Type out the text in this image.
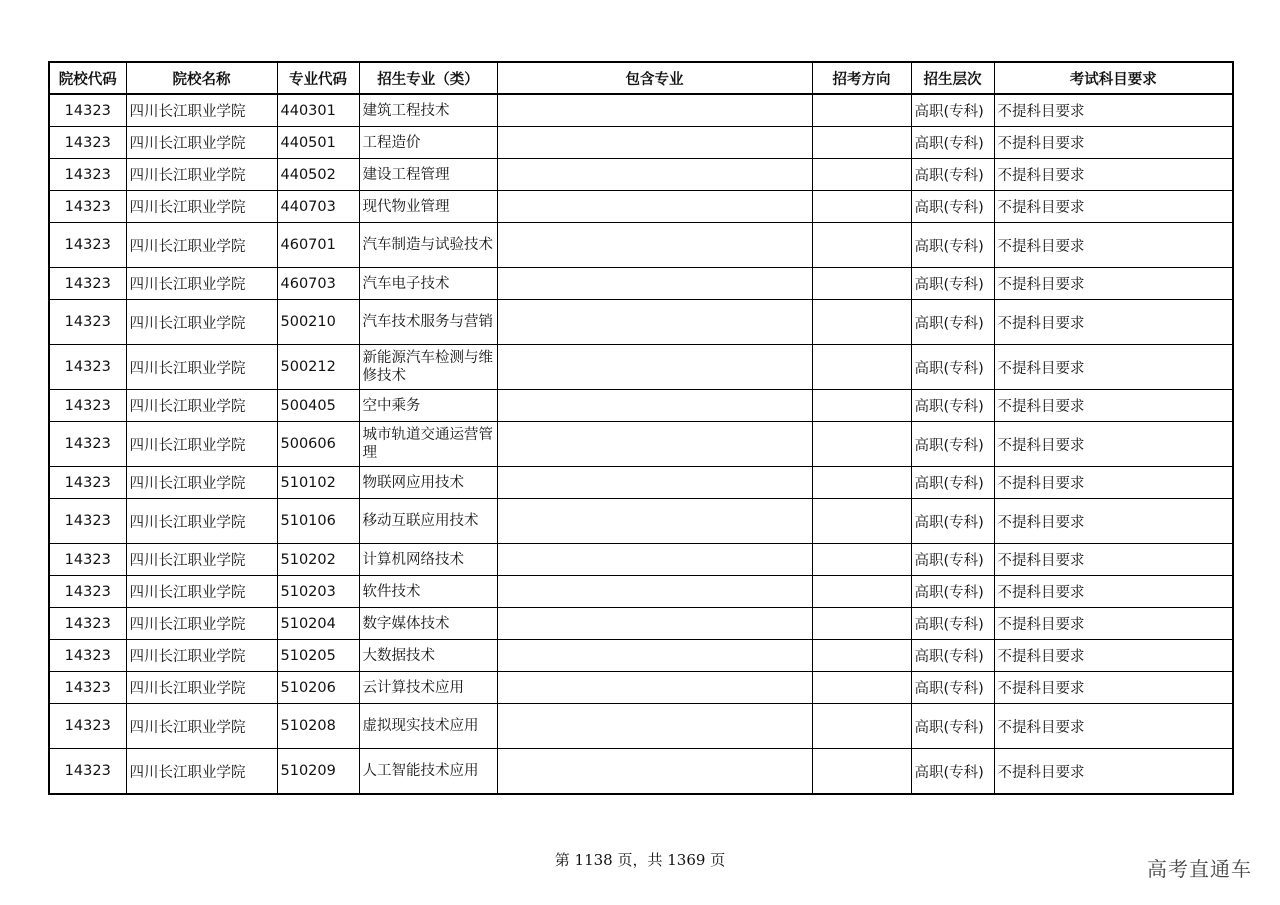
院校代码	院校名称	专业代码	招生专业（类）	包含专业	招考方向	招生层次	考试科目要求
14323	四川长江职业学院	440301	建筑工程技术			高职(专科)	不提科目要求
14323	四川长江职业学院	440501	工程造价			高职(专科)	不提科目要求
14323	四川长江职业学院	440502	建设工程管理			高职(专科)	不提科目要求
14323	四川长江职业学院	440703	现代物业管理			高职(专科)	不提科目要求
14323	四川长江职业学院	460701	汽车制造与试验技术			高职(专科)	不提科目要求
14323	四川长江职业学院	460703	汽车电子技术			高职(专科)	不提科目要求
14323	四川长江职业学院	500210	汽车技术服务与营销			高职(专科)	不提科目要求
14323	四川长江职业学院	500212	新能源汽车检测与维修技术			高职(专科)	不提科目要求
14323	四川长江职业学院	500405	空中乘务			高职(专科)	不提科目要求
14323	四川长江职业学院	500606	城市轨道交通运营管理			高职(专科)	不提科目要求
14323	四川长江职业学院	510102	物联网应用技术			高职(专科)	不提科目要求
14323	四川长江职业学院	510106	移动互联应用技术			高职(专科)	不提科目要求
14323	四川长江职业学院	510202	计算机网络技术			高职(专科)	不提科目要求
14323	四川长江职业学院	510203	软件技术			高职(专科)	不提科目要求
14323	四川长江职业学院	510204	数字媒体技术			高职(专科)	不提科目要求
14323	四川长江职业学院	510205	大数据技术			高职(专科)	不提科目要求
14323	四川长江职业学院	510206	云计算技术应用			高职(专科)	不提科目要求
14323	四川长江职业学院	510208	虚拟现实技术应用			高职(专科)	不提科目要求
14323	四川长江职业学院	510209	人工智能技术应用			高职(专科)	不提科目要求
第 1138 页，共 1369 页	高考直通车
